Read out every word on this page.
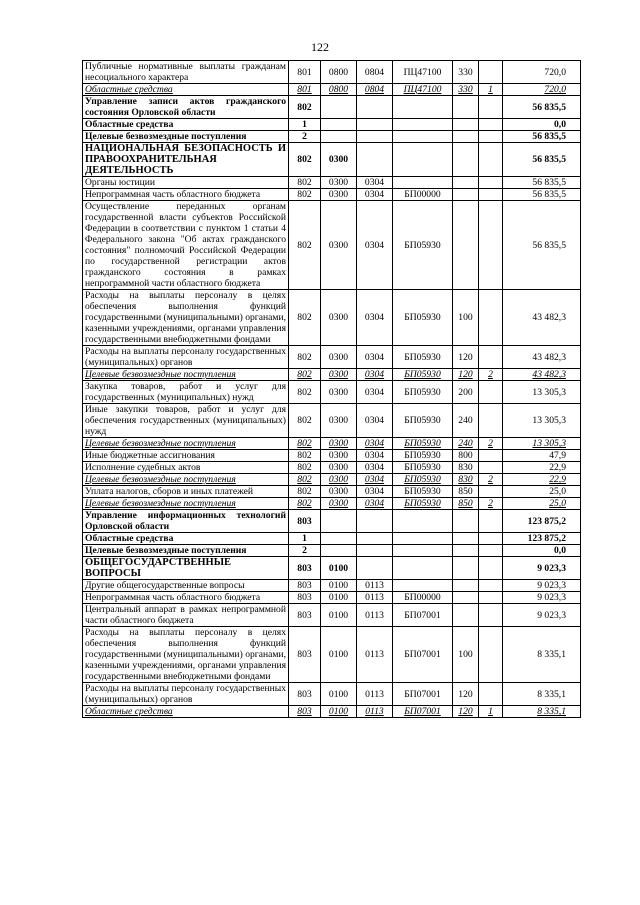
122
Публичные нормативные выплаты гражданам несоциального характера	801	0800	0804	ПЦ47100	330		720,0
Областные средства	801	0800	0804	ПЦ47100	330	1	720,0
Управление записи актов гражданского состояния Орловской области	802						56 835,5
Областные средства	1						0,0
Целевые безвозмездные поступления	2						56 835,5
НАЦИОНАЛЬНАЯ БЕЗОПАСНОСТЬ И ПРАВООХРАНИТЕЛЬНАЯ ДЕЯТЕЛЬНОСТЬ	802	0300					56 835,5
Органы юстиции	802	0300	0304				56 835,5
Непрограммная часть областного бюджета	802	0300	0304	БП00000			56 835,5
Осуществление переданных органам государственной власти субъектов Российской Федерации в соответствии с пунктом 1 статьи 4 Федерального закона "Об актах гражданского состояния" полномочий Российской Федерации по государственной регистрации актов гражданского состояния в рамках непрограммной части областного бюджета	802	0300	0304	БП05930			56 835,5
Расходы на выплаты персоналу в целях обеспечения выполнения функций государственными (муниципальными) органами, казенными учреждениями, органами управления государственными внебюджетными фондами	802	0300	0304	БП05930	100		43 482,3
Расходы на выплаты персоналу государственных (муниципальных) органов	802	0300	0304	БП05930	120		43 482,3
Целевые безвозмездные поступления	802	0300	0304	БП05930	120	2	43 482,3
Закупка товаров, работ и услуг для государственных (муниципальных) нужд	802	0300	0304	БП05930	200		13 305,3
Иные закупки товаров, работ и услуг для обеспечения государственных (муниципальных) нужд	802	0300	0304	БП05930	240		13 305,3
Целевые безвозмездные поступления	802	0300	0304	БП05930	240	2	13 305,3
Иные бюджетные ассигнования	802	0300	0304	БП05930	800		47,9
Исполнение судебных актов	802	0300	0304	БП05930	830		22,9
Целевые безвозмездные поступления	802	0300	0304	БП05930	830	2	22,9
Уплата налогов, сборов и иных платежей	802	0300	0304	БП05930	850		25,0
Целевые безвозмездные поступления	802	0300	0304	БП05930	850	2	25,0
Управление информационных технологий Орловской области	803						123 875,2
Областные средства	1						123 875,2
Целевые безвозмездные поступления	2						0,0
ОБЩЕГОСУДАРСТВЕННЫЕ ВОПРОСЫ	803	0100					9 023,3
Другие общегосударственные вопросы	803	0100	0113				9 023,3
Непрограммная часть областного бюджета	803	0100	0113	БП00000			9 023,3
Центральный аппарат в рамках непрограммной части областного бюджета	803	0100	0113	БП07001			9 023,3
Расходы на выплаты персоналу в целях обеспечения выполнения функций государственными (муниципальными) органами, казенными учреждениями, органами управления государственными внебюджетными фондами	803	0100	0113	БП07001	100		8 335,1
Расходы на выплаты персоналу государственных (муниципальных) органов	803	0100	0113	БП07001	120		8 335,1
Областные средства	803	0100	0113	БП07001	120	1	8 335,1
